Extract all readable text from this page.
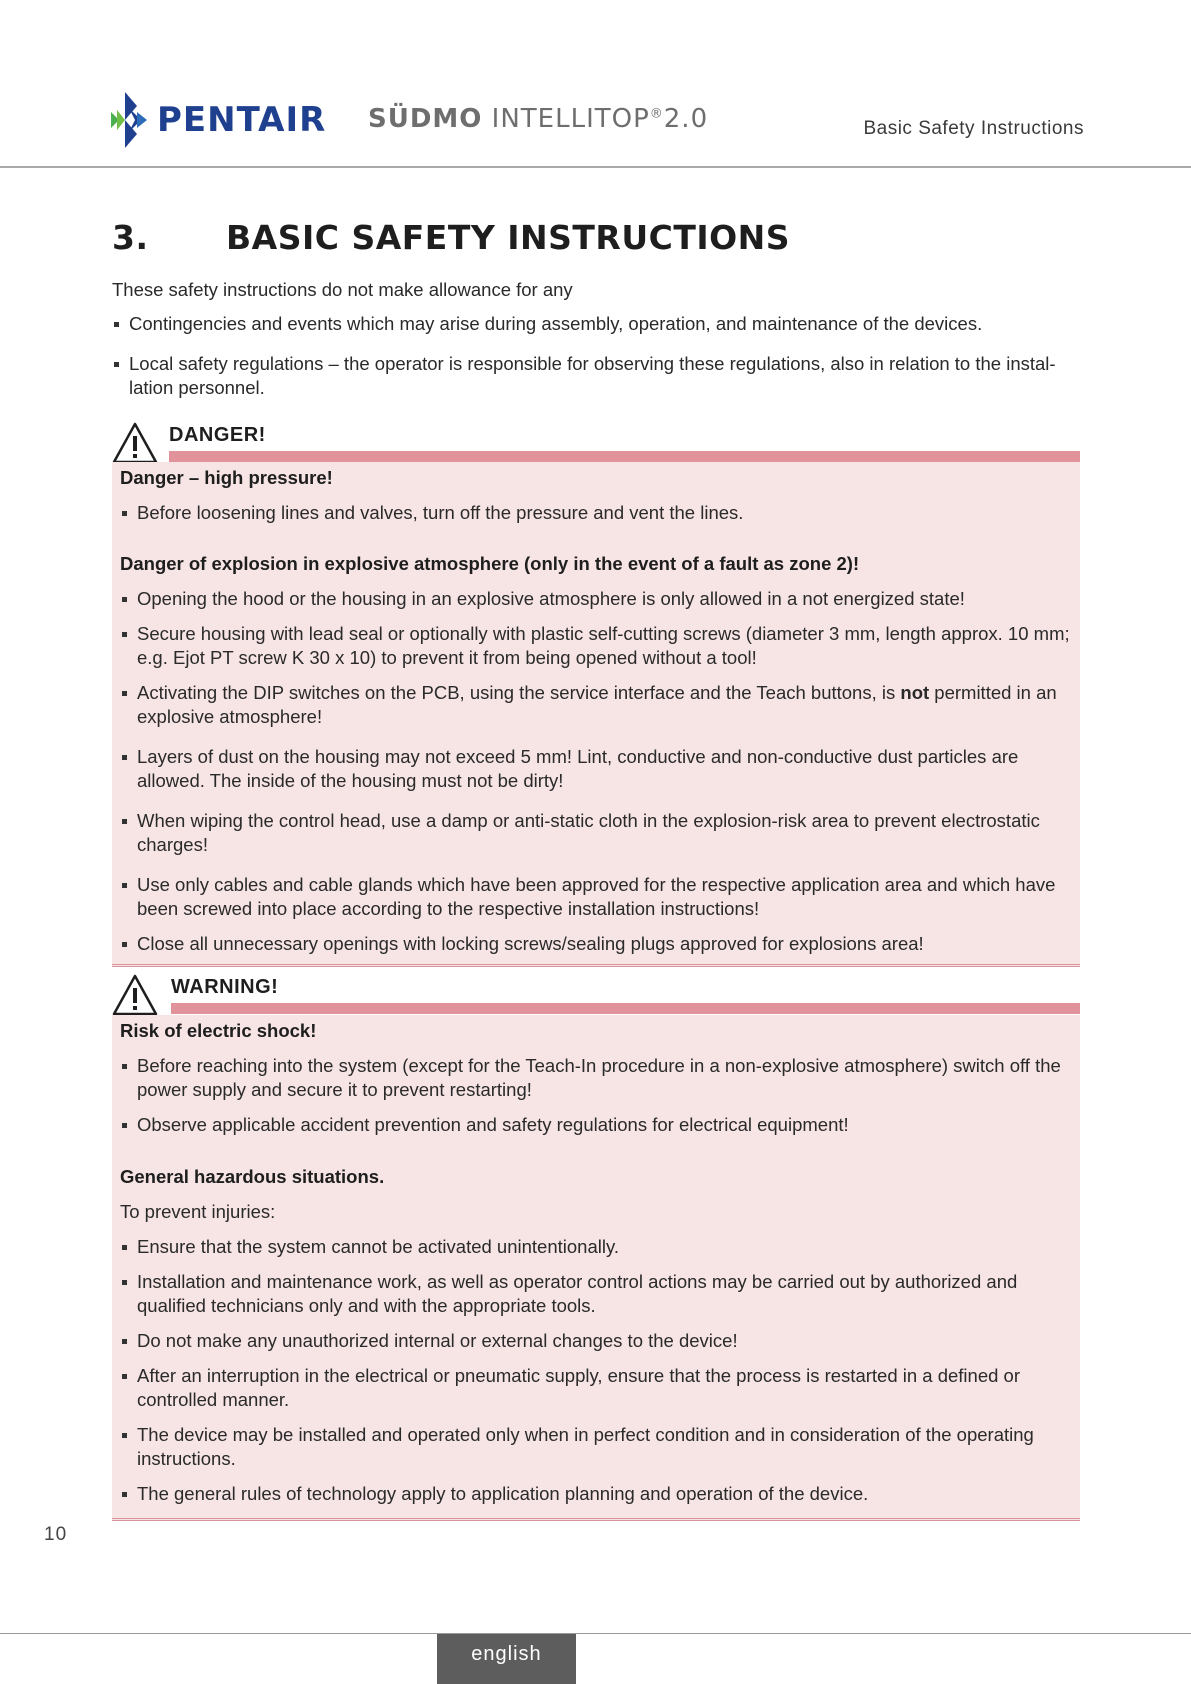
PENTAIR SÜDMO INTELLITOP®2.0	Basic Safety Instructions
3. BASIC SAFETY INSTRUCTIONS

These safety instructions do not make allowance for any

Contingencies and events which may arise during assembly, operation, and maintenance of the devices.
Local safety regulations – the operator is responsible for observing these regulations, also in relation to the instal-lation personnel.
DANGER!
Danger – high pressure!
Before loosening lines and valves, turn off the pressure and vent the lines.
Danger of explosion in explosive atmosphere (only in the event of a fault as zone 2)!
Opening the hood or the housing in an explosive atmosphere is only allowed in a not energized state!
Secure housing with lead seal or optionally with plastic self-cutting screws (diameter 3 mm, length approx. 10 mm; e.g. Ejot PT screw K 30 x 10) to prevent it from being opened without a tool!
Activating the DIP switches on the PCB, using the service interface and the Teach buttons, is not permitted in an explosive atmosphere!
Layers of dust on the housing may not exceed 5 mm! Lint, conductive and non-conductive dust particles are allowed. The inside of the housing must not be dirty!
When wiping the control head, use a damp or anti-static cloth in the explosion-risk area to prevent electrostatic charges!
Use only cables and cable glands which have been approved for the respective application area and which have been screwed into place according to the respective installation instructions!
Close all unnecessary openings with locking screws/sealing plugs approved for explosions area!
WARNING!
Risk of electric shock!
Before reaching into the system (except for the Teach-In procedure in a non-explosive atmosphere) switch off the power supply and secure it to prevent restarting!
Observe applicable accident prevention and safety regulations for electrical equipment!
General hazardous situations.

To prevent injuries:

Ensure that the system cannot be activated unintentionally.
Installation and maintenance work, as well as operator control actions may be carried out by authorized and qualified technicians only and with the appropriate tools.
Do not make any unauthorized internal or external changes to the device!
After an interruption in the electrical or pneumatic supply, ensure that the process is restarted in a defined or controlled manner.
The device may be installed and operated only when in perfect condition and in consideration of the operating instructions.
The general rules of technology apply to application planning and operation of the device.
10
english
